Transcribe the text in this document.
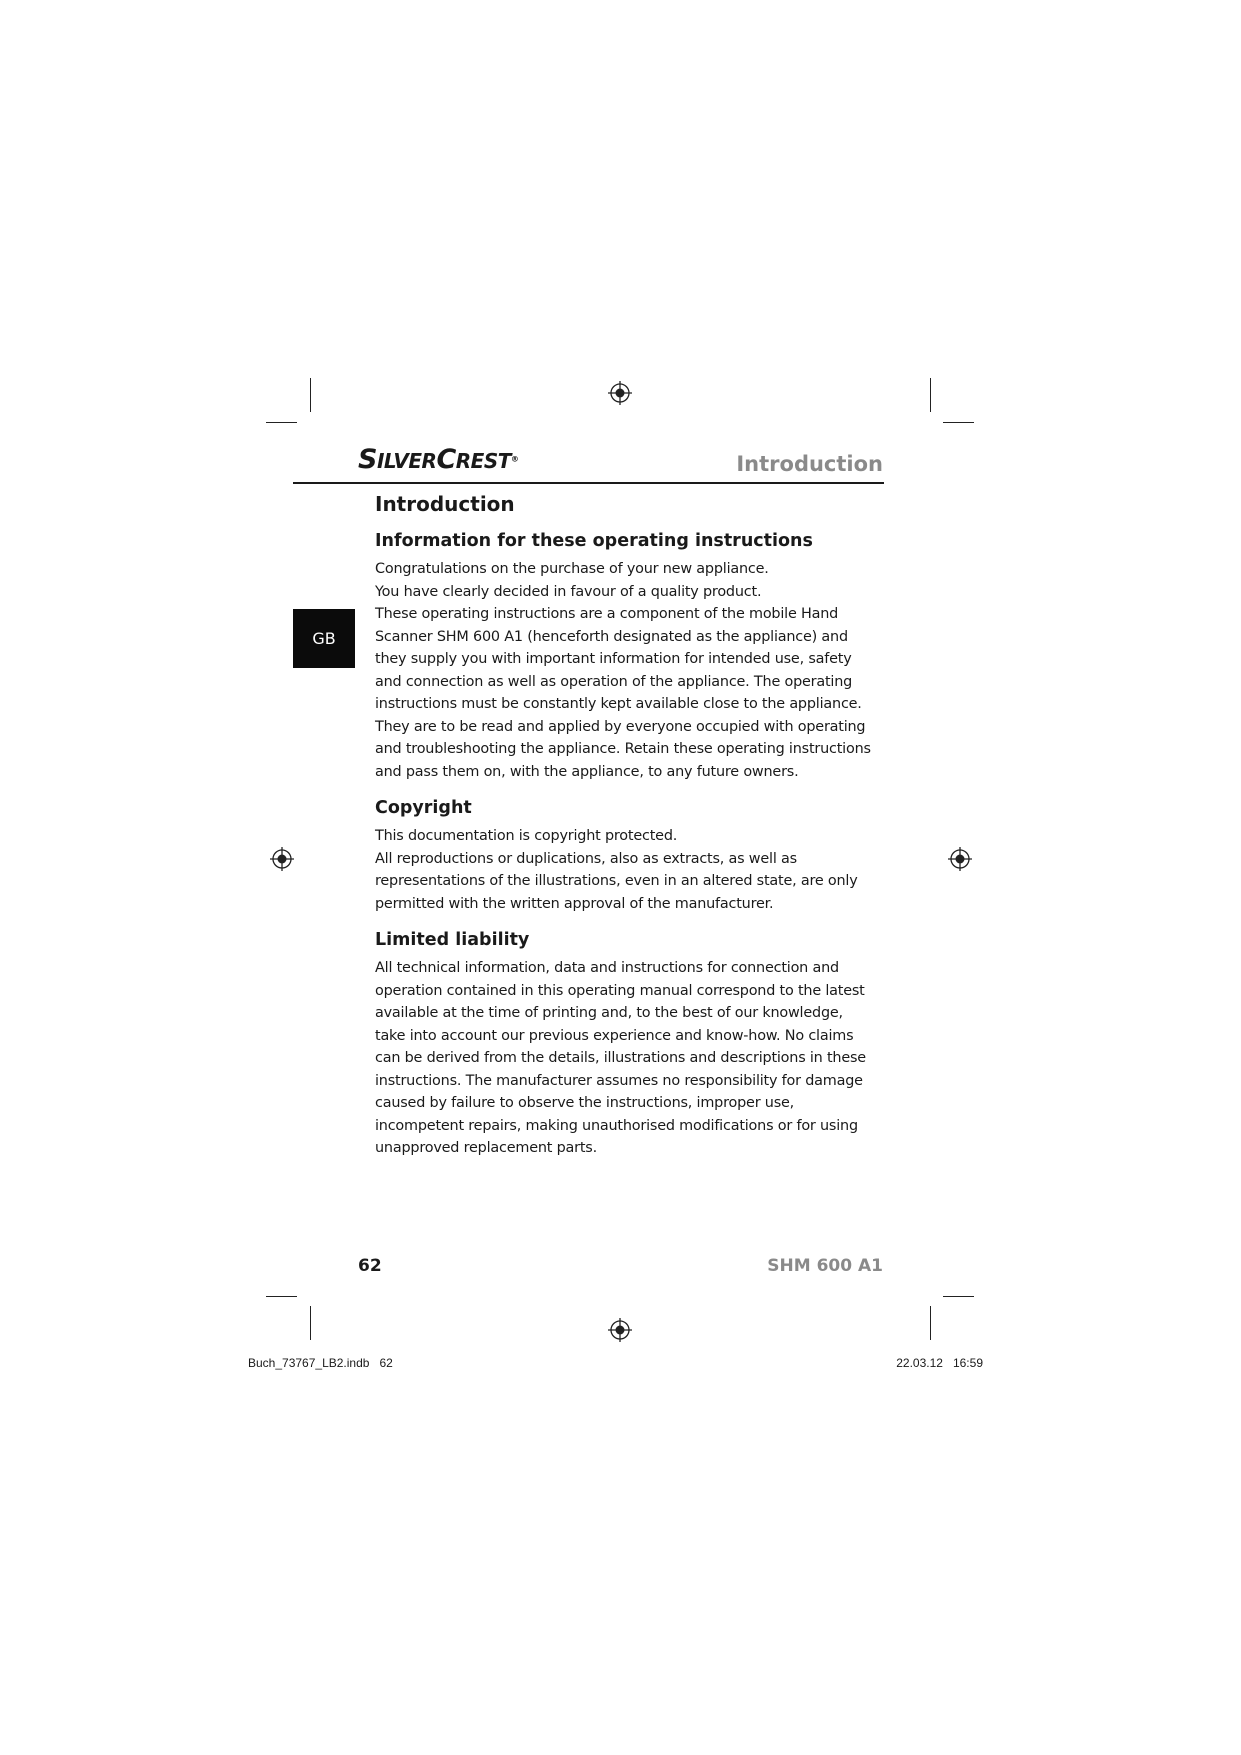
SILVERCREST®	Introduction
GB
Introduction
Information for these operating instructions

Congratulations on the purchase of your new appliance.

You have clearly decided in favour of a quality product.

These operating instructions are a component of the mobile Hand Scanner SHM 600 A1 (henceforth designated as the appliance) and they supply you with important information for intended use, safety and connection as well as operation of the appliance. The operating instructions must be constantly kept available close to the appliance. They are to be read and applied by everyone occupied with operating and troubleshooting the appliance. Retain these operating instructions and pass them on, with the appliance, to any future owners.

Copyright

This documentation is copyright protected.

All reproductions or duplications, also as extracts, as well as representations of the illustrations, even in an altered state, are only permitted with the written approval of the manufacturer.

Limited liability

All technical information, data and instructions for connection and operation contained in this operating manual correspond to the latest available at the time of printing and, to the best of our knowledge, take into account our previous experience and know-how. No claims can be derived from the details, illustrations and descriptions in these instructions. The manufacturer assumes no responsibility for damage caused by failure to observe the instructions, improper use, incompetent repairs, making unauthorised modifications or for using unapproved replacement parts.

62	SHM 600 A1
Buch_73767_LB2.indb   62	22.03.12   16:59
